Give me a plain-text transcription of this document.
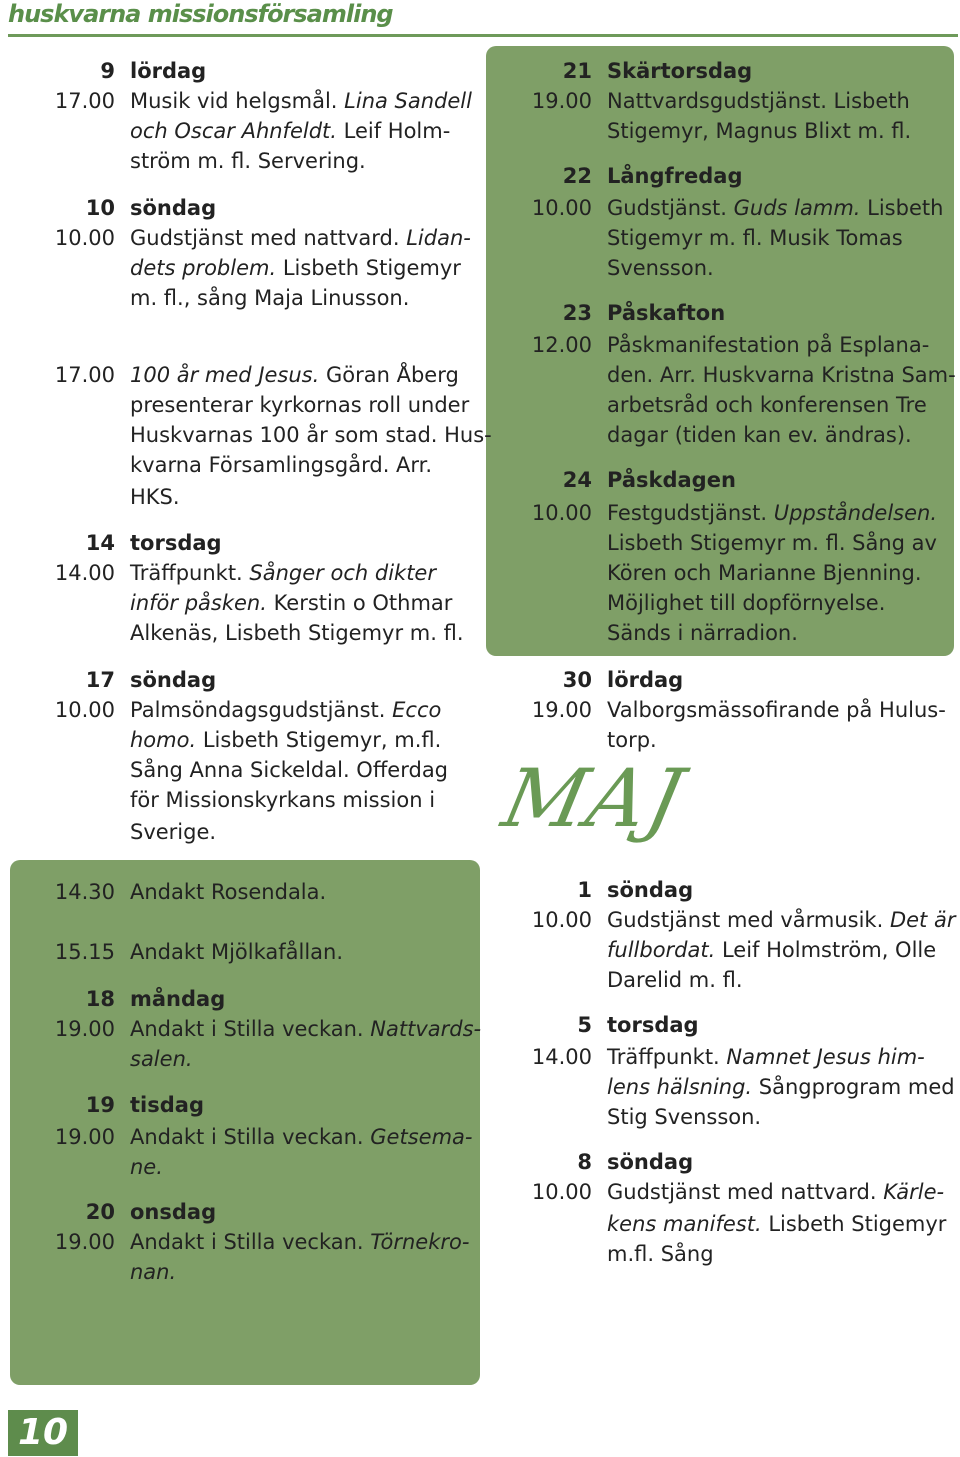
huskvarna missionsförsamling
9 lördag
17.00 Musik vid helgsmål. Lina Sandell
och Oscar Ahnfeldt. Leif Holm-
ström m. fl. Servering.
10 söndag
10.00 Gudstjänst med nattvard. Lidan-
dets problem. Lisbeth Stigemyr
m. fl., sång Maja Linusson.
17.00 100 år med Jesus. Göran Åberg
presenterar kyrkornas roll under
Huskvarnas 100 år som stad. Hus-
kvarna Församlingsgård. Arr.
HKS.
14 torsdag
14.00 Träffpunkt. Sånger och dikter
inför påsken. Kerstin o Othmar
Alkenäs, Lisbeth Stigemyr m. fl.
17 söndag
10.00 Palmsöndagsgudstjänst. Ecco
homo. Lisbeth Stigemyr, m.fl.
Sång Anna Sickeldal. Offerdag
för Missionskyrkans mission i
Sverige.
14.30 Andakt Rosendala.
15.15 Andakt Mjölkafållan.
18 måndag
19.00 Andakt i Stilla veckan. Nattvards-
salen.
19 tisdag
19.00 Andakt i Stilla veckan. Getsema-
ne.
20 onsdag
19.00 Andakt i Stilla veckan. Törnekro-
nan.
21 Skärtorsdag
19.00 Nattvardsgudstjänst. Lisbeth
Stigemyr, Magnus Blixt m. fl.
22 Långfredag
10.00 Gudstjänst. Guds lamm. Lisbeth
Stigemyr m. fl. Musik Tomas
Svensson.
23 Påskafton
12.00 Påskmanifestation på Esplana-
den. Arr. Huskvarna Kristna Sam-
arbetsråd och konferensen Tre
dagar (tiden kan ev. ändras).
24 Påskdagen
10.00 Festgudstjänst. Uppståndelsen.
Lisbeth Stigemyr m. fl. Sång av
Kören och Marianne Bjenning.
Möjlighet till dopförnyelse.
Sänds i närradion.
30 lördag
19.00 Valborgsmässofirande på Hulus-
torp.
MAJ
1 söndag
10.00 Gudstjänst med vårmusik. Det är
fullbordat. Leif Holmström, Olle
Darelid m. fl.
5 torsdag
14.00 Träffpunkt. Namnet Jesus him-
lens hälsning. Sångprogram med
Stig Svensson.
8 söndag
10.00 Gudstjänst med nattvard. Kärle-
kens manifest. Lisbeth Stigemyr
m.fl. Sång
10
